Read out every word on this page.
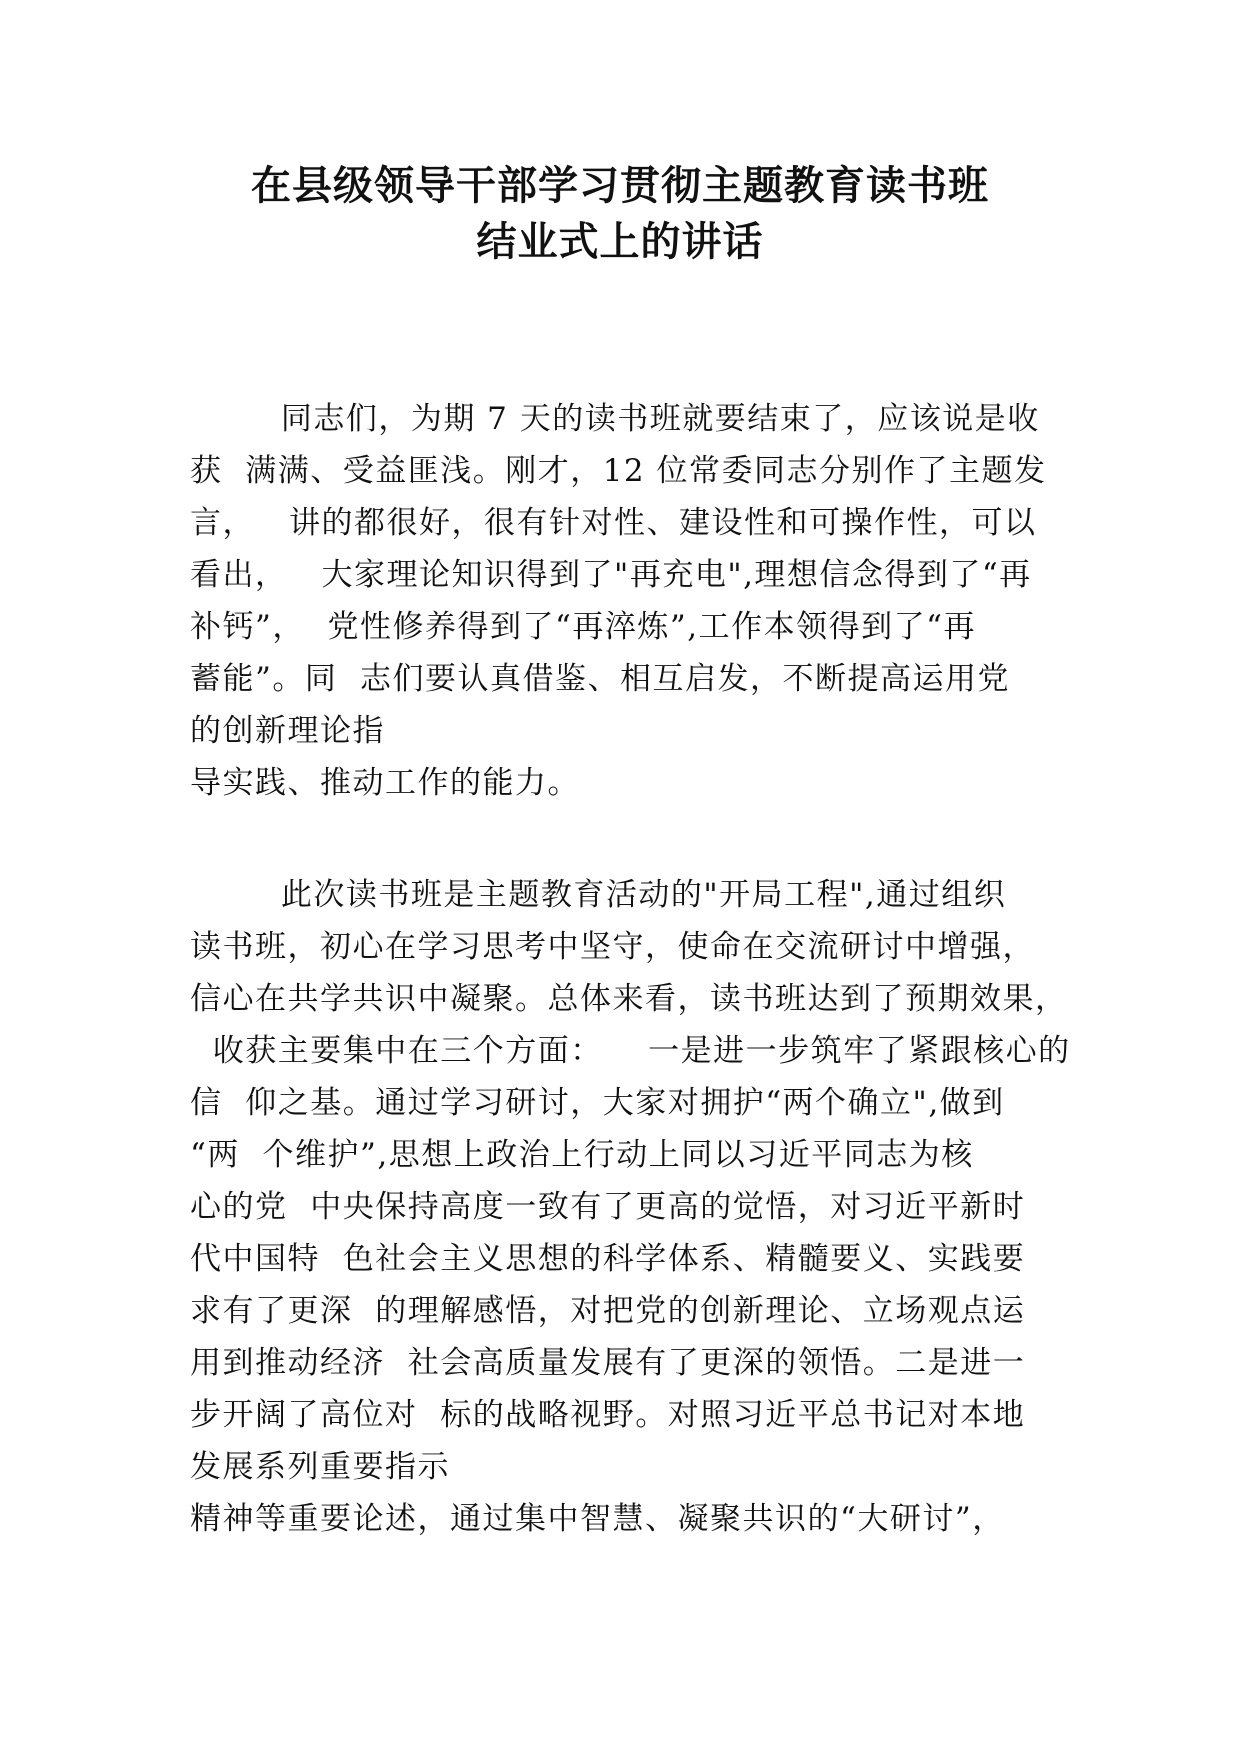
在县级领导干部学习贯彻主题教育读书班
结业式上的讲话

同志们，为期 7 天的读书班就要结束了，应该说是收
获  满满、受益匪浅。刚才，12 位常委同志分别作了主题发
言，   讲的都很好，很有针对性、建设性和可操作性，可以
看出，   大家理论知识得到了"再充电",理想信念得到了“再
补钙”，  党性修养得到了“再淬炼”,工作本领得到了“再
蓄能”。同  志们要认真借鉴、相互启发，不断提高运用党
的创新理论指
导实践、推动工作的能力。

此次读书班是主题教育活动的"开局工程",通过组织
读书班，初心在学习思考中坚守，使命在交流研讨中增强，
信心在共学共识中凝聚。总体来看，读书班达到了预期效果，
收获主要集中在三个方面：    一是进一步筑牢了紧跟核心的
信  仰之基。通过学习研讨，大家对拥护“两个确立",做到
“两  个维护”,思想上政治上行动上同以习近平同志为核
心的党  中央保持高度一致有了更高的觉悟，对习近平新时
代中国特  色社会主义思想的科学体系、精髓要义、实践要
求有了更深  的理解感悟，对把党的创新理论、立场观点运
用到推动经济  社会高质量发展有了更深的领悟。二是进一
步开阔了高位对  标的战略视野。对照习近平总书记对本地
发展系列重要指示
精神等重要论述，通过集中智慧、凝聚共识的“大研讨”，
